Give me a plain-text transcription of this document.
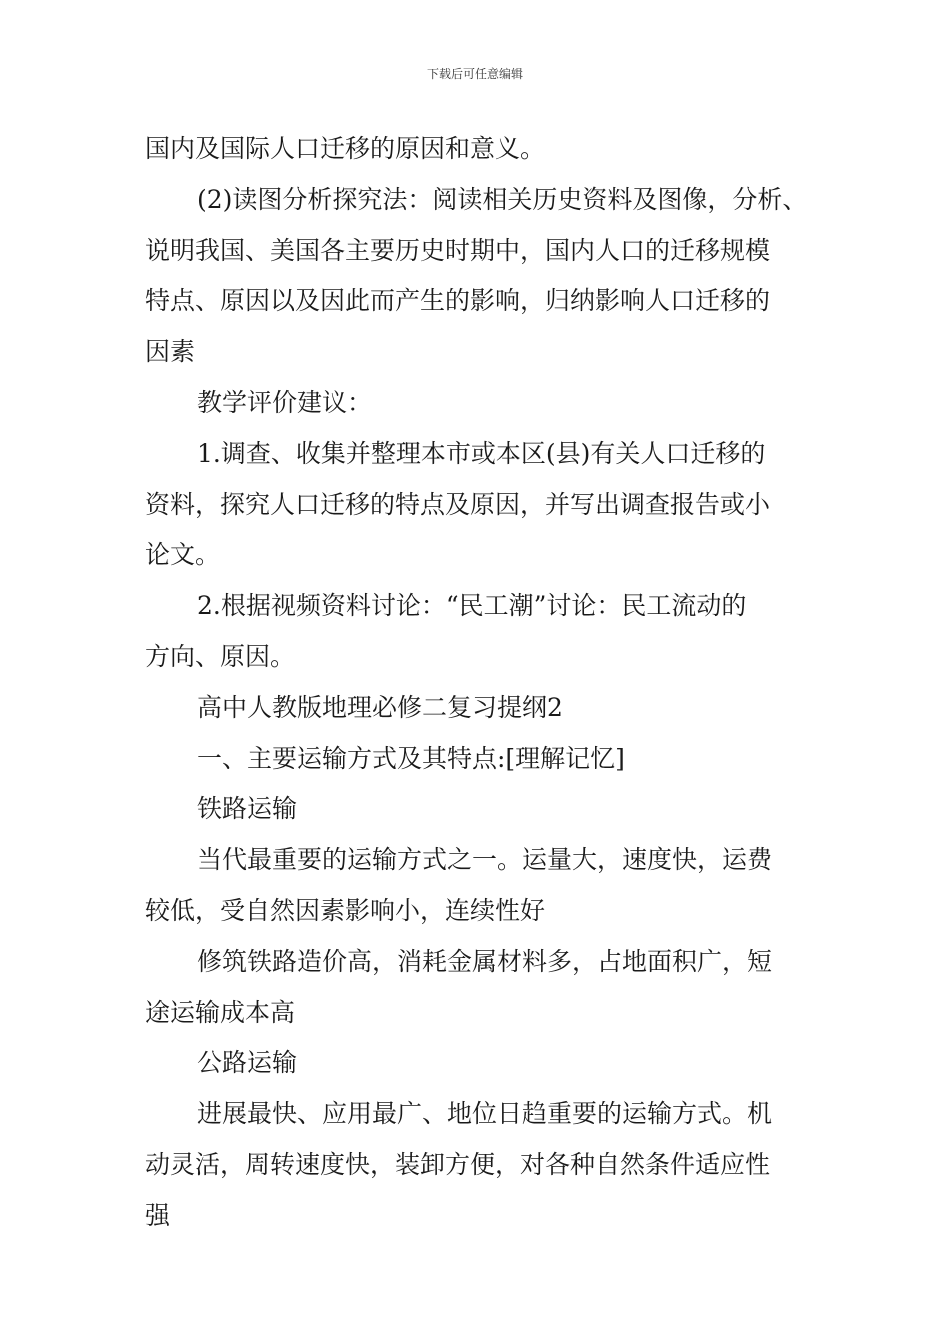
下载后可任意编辑
国内及国际人口迁移的原因和意义。
(2)读图分析探究法：阅读相关历史资料及图像，分析、
说明我国、美国各主要历史时期中，国内人口的迁移规模
特点、原因以及因此而产生的影响，归纳影响人口迁移的
因素
教学评价建议：
1.调查、收集并整理本市或本区(县)有关人口迁移的
资料，探究人口迁移的特点及原因，并写出调查报告或小
论文。
2.根据视频资料讨论：“民工潮”讨论：民工流动的
方向、原因。
高中人教版地理必修二复习提纲2
一、主要运输方式及其特点:[理解记忆]
铁路运输
当代最重要的运输方式之一。运量大，速度快，运费
较低，受自然因素影响小，连续性好
修筑铁路造价高，消耗金属材料多，占地面积广，短
途运输成本高
公路运输
进展最快、应用最广、地位日趋重要的运输方式。机
动灵活，周转速度快，装卸方便，对各种自然条件适应性
强
